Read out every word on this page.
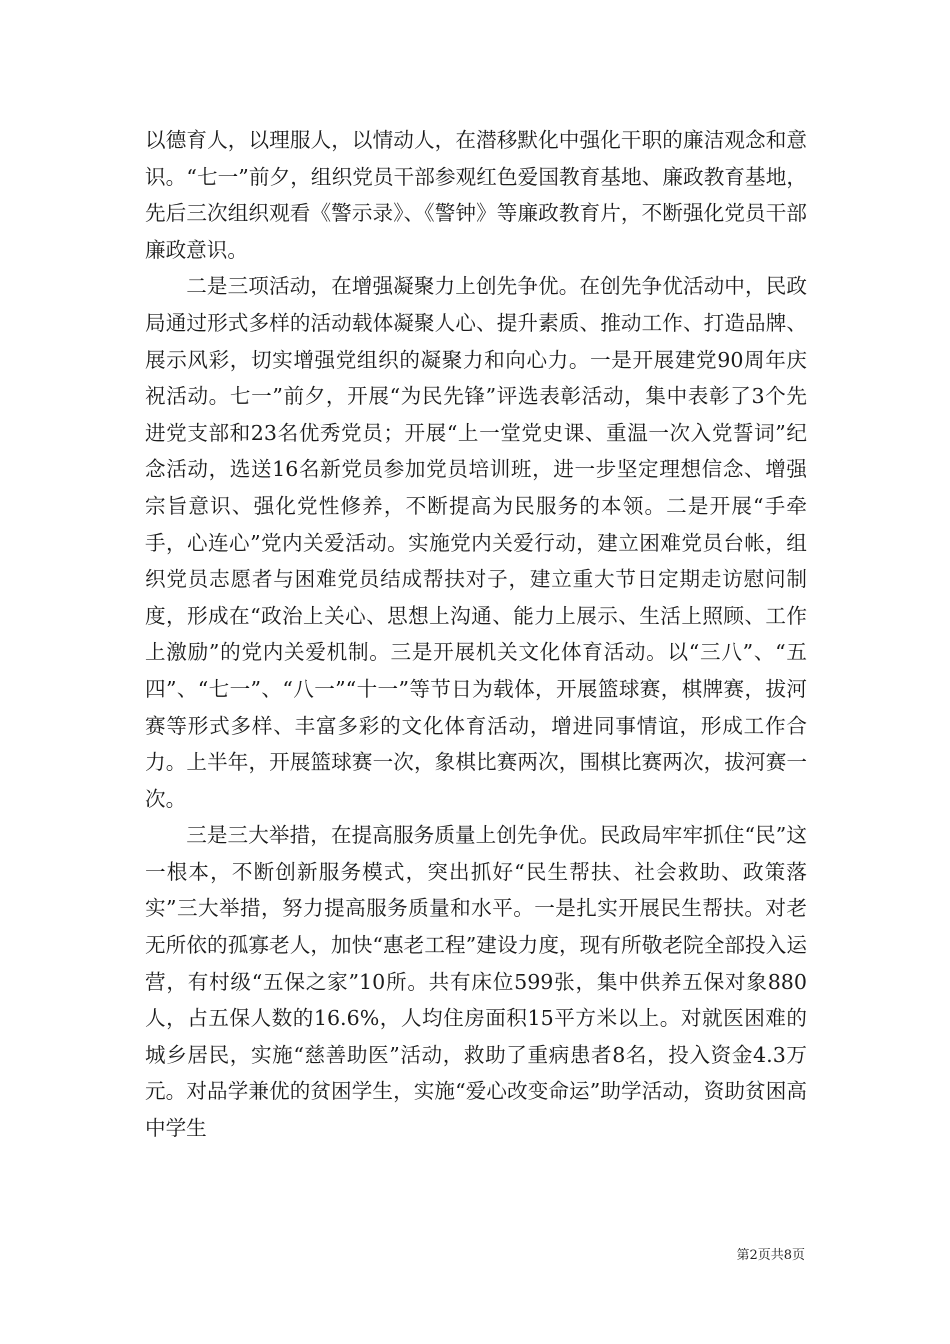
以德育人，以理服人，以情动人，在潜移默化中强化干职的廉洁观念和意识。“七一”前夕，组织党员干部参观红色爱国教育基地、廉政教育基地，先后三次组织观看《警示录》、《警钟》等廉政教育片，不断强化党员干部廉政意识。

二是三项活动，在增强凝聚力上创先争优。在创先争优活动中，民政局通过形式多样的活动载体凝聚人心、提升素质、推动工作、打造品牌、展示风彩，切实增强党组织的凝聚力和向心力。一是开展建党90周年庆祝活动。七一”前夕，开展“为民先锋”评选表彰活动，集中表彰了3个先进党支部和23名优秀党员；开展“上一堂党史课、重温一次入党誓词”纪念活动，选送16名新党员参加党员培训班，进一步坚定理想信念、增强宗旨意识、强化党性修养，不断提高为民服务的本领。二是开展“手牵手，心连心”党内关爱活动。实施党内关爱行动，建立困难党员台帐，组织党员志愿者与困难党员结成帮扶对子，建立重大节日定期走访慰问制度，形成在“政治上关心、思想上沟通、能力上展示、生活上照顾、工作上激励”的党内关爱机制。三是开展机关文化体育活动。以“三八”、“五四”、“七一”、“八一”“十一”等节日为载体，开展篮球赛，棋牌赛，拔河赛等形式多样、丰富多彩的文化体育活动，增进同事情谊，形成工作合力。上半年，开展篮球赛一次，象棋比赛两次，围棋比赛两次，拔河赛一次。

三是三大举措，在提高服务质量上创先争优。民政局牢牢抓住“民”这一根本，不断创新服务模式，突出抓好“民生帮扶、社会救助、政策落实”三大举措，努力提高服务质量和水平。一是扎实开展民生帮扶。对老无所依的孤寡老人，加快“惠老工程”建设力度，现有所敬老院全部投入运营，有村级“五保之家”10所。共有床位599张，集中供养五保对象880人，占五保人数的16.6%，人均住房面积15平方米以上。对就医困难的城乡居民，实施“慈善助医”活动，救助了重病患者8名，投入资金4.3万元。对品学兼优的贫困学生，实施“爱心改变命运”助学活动，资助贫困高中学生

第2页共8页
